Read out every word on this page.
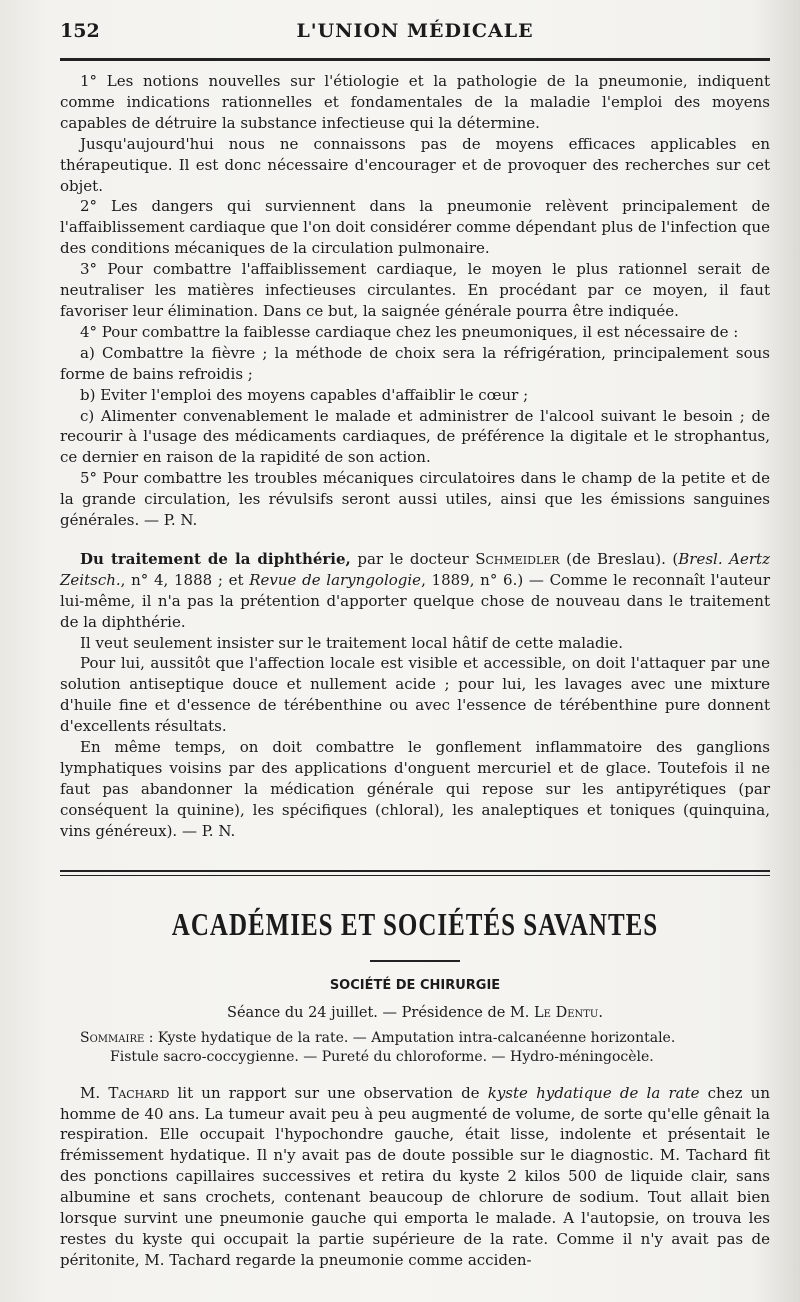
152	L'UNION MÉDICALE

1° Les notions nouvelles sur l'étiologie et la pathologie de la pneumonie, indiquent comme indications rationnelles et fondamentales de la maladie l'emploi des moyens capables de détruire la substance infectieuse qui la détermine.

Jusqu'aujourd'hui nous ne connaissons pas de moyens efficaces applicables en thérapeutique. Il est donc nécessaire d'encourager et de provoquer des recherches sur cet objet.

2° Les dangers qui surviennent dans la pneumonie relèvent principalement de l'affaiblissement cardiaque que l'on doit considérer comme dépendant plus de l'infection que des conditions mécaniques de la circulation pulmonaire.

3° Pour combattre l'affaiblissement cardiaque, le moyen le plus rationnel serait de neutraliser les matières infectieuses circulantes. En procédant par ce moyen, il faut favoriser leur élimination. Dans ce but, la saignée générale pourra être indiquée.

4° Pour combattre la faiblesse cardiaque chez les pneumoniques, il est nécessaire de :

a) Combattre la fièvre ; la méthode de choix sera la réfrigération, principalement sous forme de bains refroidis ;

b) Eviter l'emploi des moyens capables d'affaiblir le cœur ;

c) Alimenter convenablement le malade et administrer de l'alcool suivant le besoin ; de recourir à l'usage des médicaments cardiaques, de préférence la digitale et le strophantus, ce dernier en raison de la rapidité de son action.

5° Pour combattre les troubles mécaniques circulatoires dans le champ de la petite et de la grande circulation, les révulsifs seront aussi utiles, ainsi que les émissions sanguines générales. — P. N.

Du traitement de la diphthérie, par le docteur Schmeidler (de Breslau). (Bresl. Aertz Zeitsch., n° 4, 1888 ; et Revue de laryngologie, 1889, n° 6.) — Comme le reconnaît l'auteur lui-même, il n'a pas la prétention d'apporter quelque chose de nouveau dans le traitement de la diphthérie.

Il veut seulement insister sur le traitement local hâtif de cette maladie.

Pour lui, aussitôt que l'affection locale est visible et accessible, on doit l'attaquer par une solution antiseptique douce et nullement acide ; pour lui, les lavages avec une mixture d'huile fine et d'essence de térébenthine ou avec l'essence de térébenthine pure donnent d'excellents résultats.

En même temps, on doit combattre le gonflement inflammatoire des ganglions lymphatiques voisins par des applications d'onguent mercuriel et de glace. Toutefois il ne faut pas abandonner la médication générale qui repose sur les antipyrétiques (par conséquent la quinine), les spécifiques (chloral), les analeptiques et toniques (quinquina, vins généreux). — P. N.

ACADÉMIES ET SOCIÉTÉS SAVANTES
SOCIÉTÉ DE CHIRURGIE
Séance du 24 juillet. — Présidence de M. Le Dentu.
Sommaire : Kyste hydatique de la rate. — Amputation intra-calcanéenne horizontale.
Fistule sacro-coccygienne. — Pureté du chloroforme. — Hydro-méningocèle.

M. Tachard lit un rapport sur une observation de kyste hydatique de la rate chez un homme de 40 ans. La tumeur avait peu à peu augmenté de volume, de sorte qu'elle gênait la respiration. Elle occupait l'hypochondre gauche, était lisse, indolente et présentait le frémissement hydatique. Il n'y avait pas de doute possible sur le diagnostic. M. Tachard fit des ponctions capillaires successives et retira du kyste 2 kilos 500 de liquide clair, sans albumine et sans crochets, contenant beaucoup de chlorure de sodium. Tout allait bien lorsque survint une pneumonie gauche qui emporta le malade. A l'autopsie, on trouva les restes du kyste qui occupait la partie supérieure de la rate. Comme il n'y avait pas de péritonite, M. Tachard regarde la pneumonie comme acciden-
